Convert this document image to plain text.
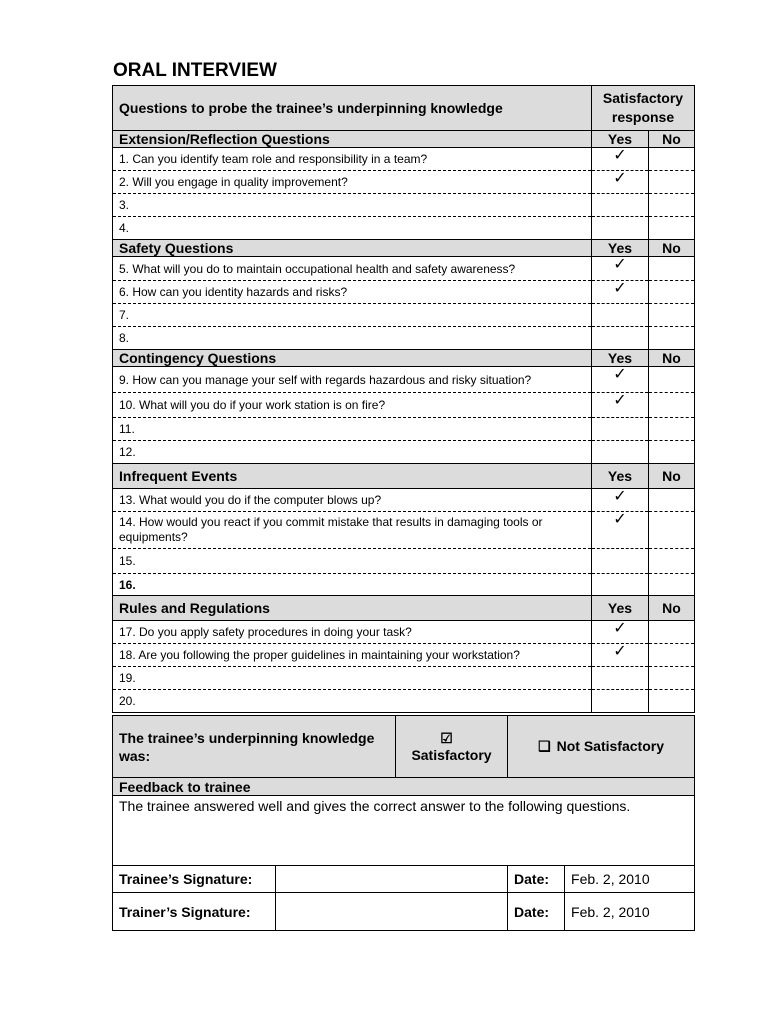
ORAL INTERVIEW
Questions to probe the trainee’s underpinning knowledge	Satisfactory response	
Extension/Reflection Questions	Yes	No
1. Can you identify team role and responsibility in a team?	✓	
2. Will you engage in quality improvement?	✓	
3.		
4.		
Safety Questions	Yes	No
5. What will you do to maintain occupational health and safety awareness?	✓	
6. How can you identity hazards and risks?	✓	
7.		
8.		
Contingency Questions	Yes	No
9. How can you manage your self with regards hazardous and risky situation?	✓	
10. What will you do if your work station is on fire?	✓	
11.		
12.		
Infrequent Events	Yes	No
13. What would you do if the computer blows up?	✓	
14. How would you react if you commit mistake that results in damaging tools or equipments?	✓	
15.		
16.		
Rules and Regulations	Yes	No
17. Do you apply safety procedures in doing your task?	✓	
18. Are you following the proper guidelines in maintaining your workstation?	✓	
19.		
20.		
The trainee’s underpinning knowledge was:		☑Satisfactory	❑ Not Satisfactory	
Feedback to trainee				
The trainee answered well and gives the correct answer to the following questions.				
Trainee’s Signature:			Date:	Feb. 2, 2010
Trainer’s Signature:			Date:	Feb. 2, 2010
